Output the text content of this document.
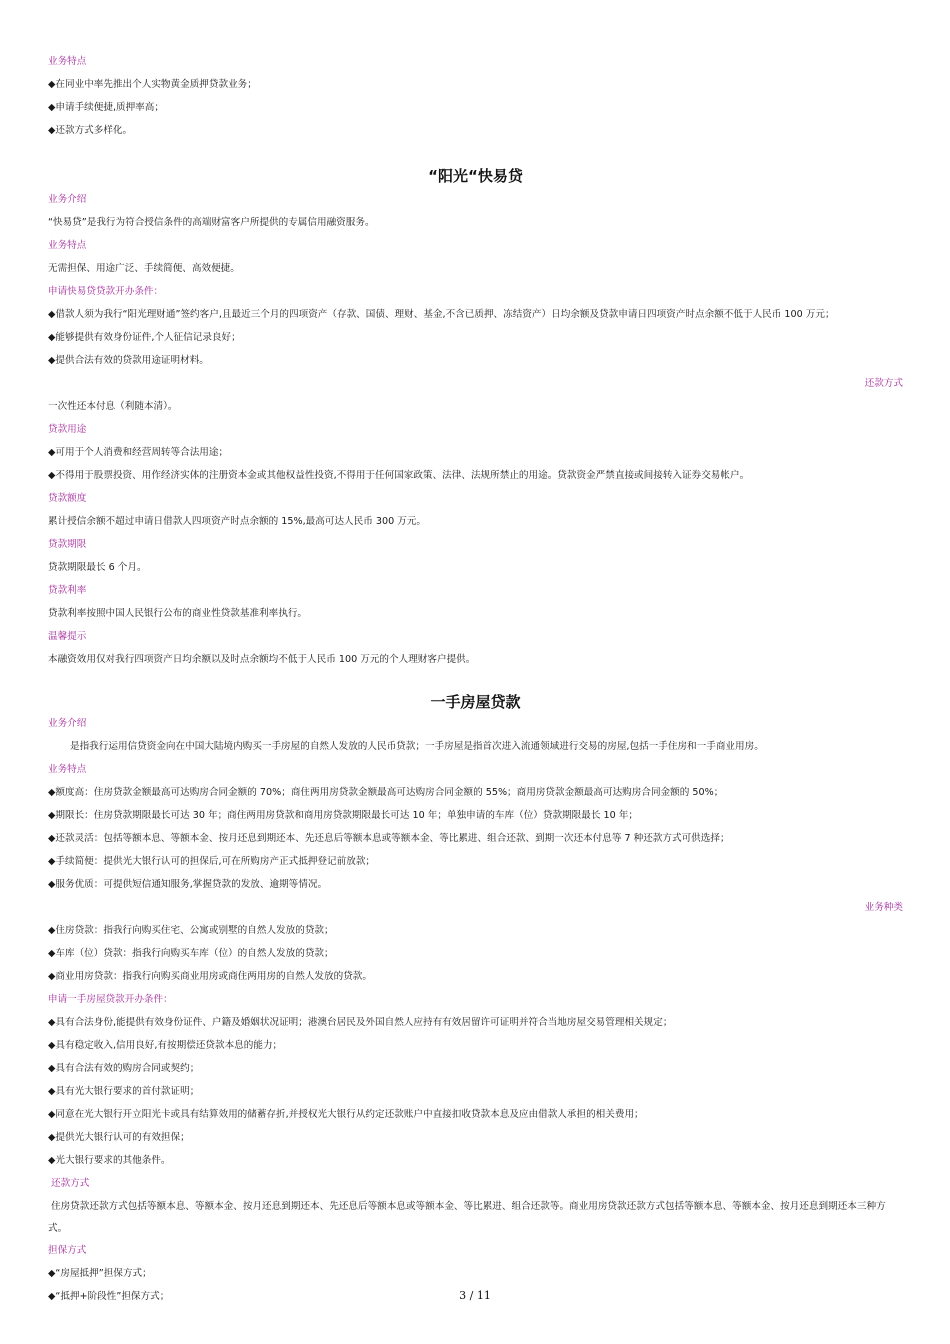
业务特点

◆在同业中率先推出个人实物黄金质押贷款业务；

◆申请手续便捷,质押率高；

◆还款方式多样化。

“阳光“快易贷

业务介绍

“快易贷”是我行为符合授信条件的高端财富客户所提供的专属信用融资服务。

业务特点

无需担保、用途广泛、手续简便、高效便捷。

申请快易贷贷款开办条件：

◆借款人须为我行“阳光理财通”签约客户,且最近三个月的四项资产（存款、国债、理财、基金,不含已质押、冻结资产）日均余额及贷款申请日四项资产时点余额不低于人民币 100 万元；

◆能够提供有效身份证件,个人征信记录良好；

◆提供合法有效的贷款用途证明材料。

还款方式

一次性还本付息（利随本清）。

贷款用途

◆可用于个人消费和经营周转等合法用途；

◆不得用于股票投资、用作经济实体的注册资本金或其他权益性投资,不得用于任何国家政策、法律、法规所禁止的用途。贷款资金严禁直接或间接转入证券交易帐户。

贷款额度

累计授信余额不超过申请日借款人四项资产时点余额的 15%,最高可达人民币 300 万元。

贷款期限

贷款期限最长 6 个月。

贷款利率

贷款利率按照中国人民银行公布的商业性贷款基准利率执行。

温馨提示

本融资效用仅对我行四项资产日均余额以及时点余额均不低于人民币 100 万元的个人理财客户提供。

一手房屋贷款

业务介绍

是指我行运用信贷资金向在中国大陆境内购买一手房屋的自然人发放的人民币贷款；一手房屋是指首次进入流通领域进行交易的房屋,包括一手住房和一手商业用房。

业务特点

◆额度高：住房贷款金额最高可达购房合同金额的 70%；商住两用房贷款金额最高可达购房合同金额的 55%；商用房贷款金额最高可达购房合同金额的 50%；

◆期限长：住房贷款期限最长可达 30 年；商住两用房贷款和商用房贷款期限最长可达 10 年；单独申请的车库（位）贷款期限最长 10 年；

◆还款灵活：包括等额本息、等额本金、按月还息到期还本、先还息后等额本息或等额本金、等比累进、组合还款、到期一次还本付息等 7 种还款方式可供选择；

◆手续简便：提供光大银行认可的担保后,可在所购房产正式抵押登记前放款；

◆服务优质：可提供短信通知服务,掌握贷款的发放、逾期等情况。

业务种类

◆住房贷款：指我行向购买住宅、公寓或别墅的自然人发放的贷款；

◆车库（位）贷款：指我行向购买车库（位）的自然人发放的贷款；

◆商业用房贷款：指我行向购买商业用房或商住两用房的自然人发放的贷款。

申请一手房屋贷款开办条件：

◆具有合法身份,能提供有效身份证件、户籍及婚姻状况证明；港澳台居民及外国自然人应持有有效居留许可证明并符合当地房屋交易管理相关规定；

◆具有稳定收入,信用良好,有按期偿还贷款本息的能力；

◆具有合法有效的购房合同或契约；

◆具有光大银行要求的首付款证明；

◆同意在光大银行开立阳光卡或具有结算效用的储蓄存折,并授权光大银行从约定还款账户中直接扣收贷款本息及应由借款人承担的相关费用；

◆提供光大银行认可的有效担保；

◆光大银行要求的其他条件。

还款方式

住房贷款还款方式包括等额本息、等额本金、按月还息到期还本、先还息后等额本息或等额本金、等比累进、组合还款等。商业用房贷款还款方式包括等额本息、等额本金、按月还息到期还本三种方式。

担保方式

◆“房屋抵押”担保方式；

◆“抵押+阶段性”担保方式；	3 / 11
